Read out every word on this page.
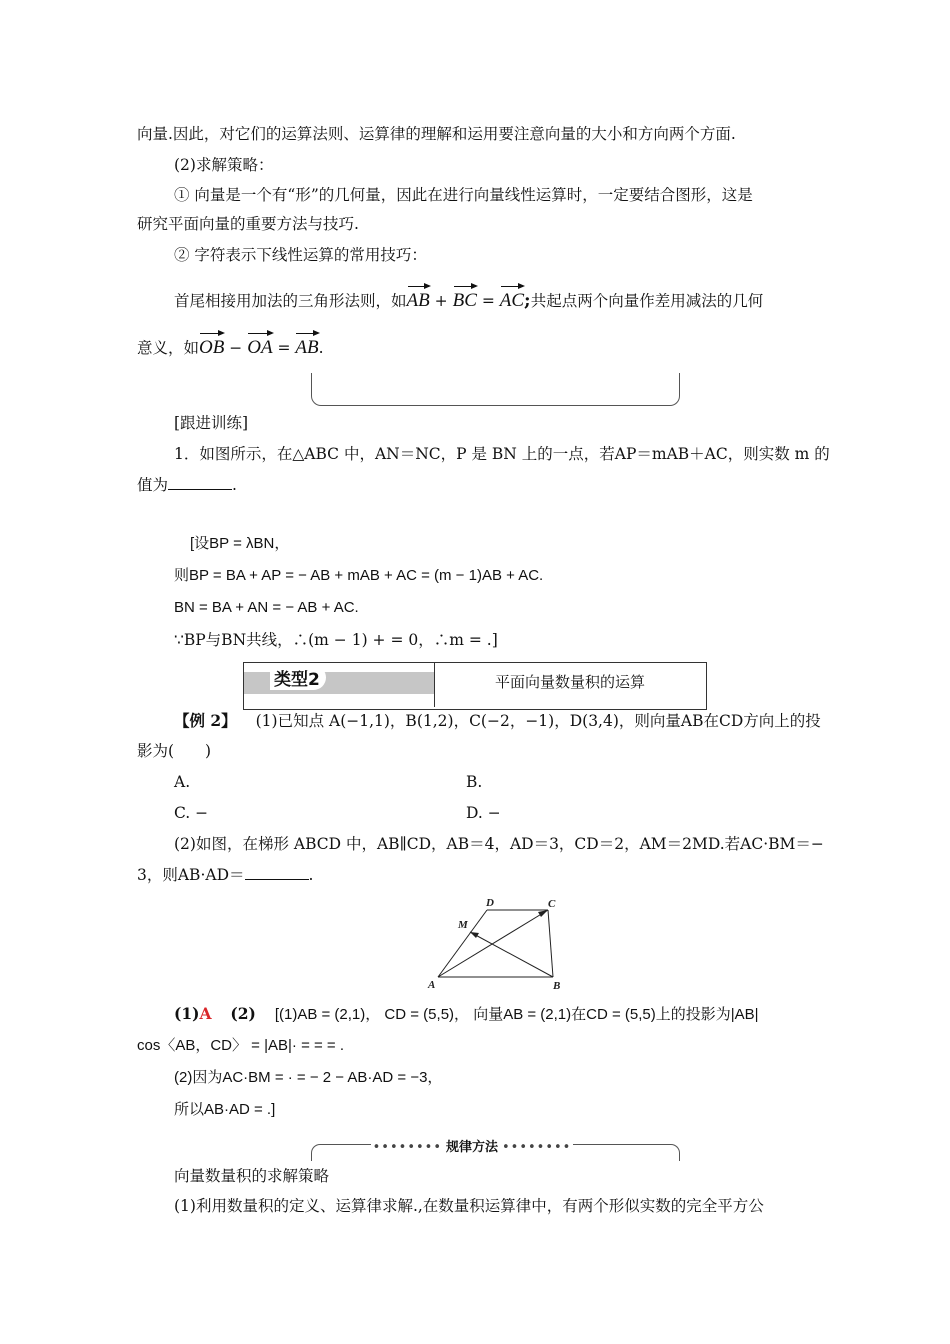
向量.因此，对它们的运算法则、运算律的理解和运用要注意向量的大小和方向两个方面.
(2)求解策略：
① 向量是一个有“形”的几何量，因此在进行向量线性运算时，一定要结合图形，这是
研究平面向量的重要方法与技巧.
② 字符表示下线性运算的常用技巧：
首尾相接用加法的三角形法则，如AB + BC = AC;共起点两个向量作差用减法的几何
意义，如OB − OA = AB.
[跟进训练]
1．如图所示，在△ABC 中，AN＝NC，P 是 BN 上的一点，若AP＝mAB＋AC，则实数 m 的
值为	.
[设BP = λBN，
则BP = BA + AP = − AB + mAB + AC = (m − 1)AB + AC.
BN = BA + AN = − AB + AC.
∵BP与BN共线，∴(m − 1) + = 0，∴m = .]
类型2	平面向量数量积的运算
【例 2】 (1)已知点 A(−1,1)，B(1,2)，C(−2，−1)，D(3,4)，则向量AB在CD方向上的投
影为(　　)
A.	B.
C. −	D. −
(2)如图，在梯形 ABCD 中，AB∥CD，AB＝4，AD＝3，CD＝2，AM＝2MD.若AC·BM＝−
3，则AB·AD＝	.
A	B
C
D
M
(1)A (2) [(1)AB = (2,1)， CD = (5,5)， 向量AB = (2,1)在CD = (5,5)上的投影为|AB|
cos〈AB，CD〉 = |AB|· = = = .
(2)因为AC·BM = · = − 2 − AB·AD = −3，
所以AB·AD = .]
•••••••• 规律方法 ••••••••
向量数量积的求解策略
(1)利用数量积的定义、运算律求解.,在数量积运算律中，有两个形似实数的完全平方公
